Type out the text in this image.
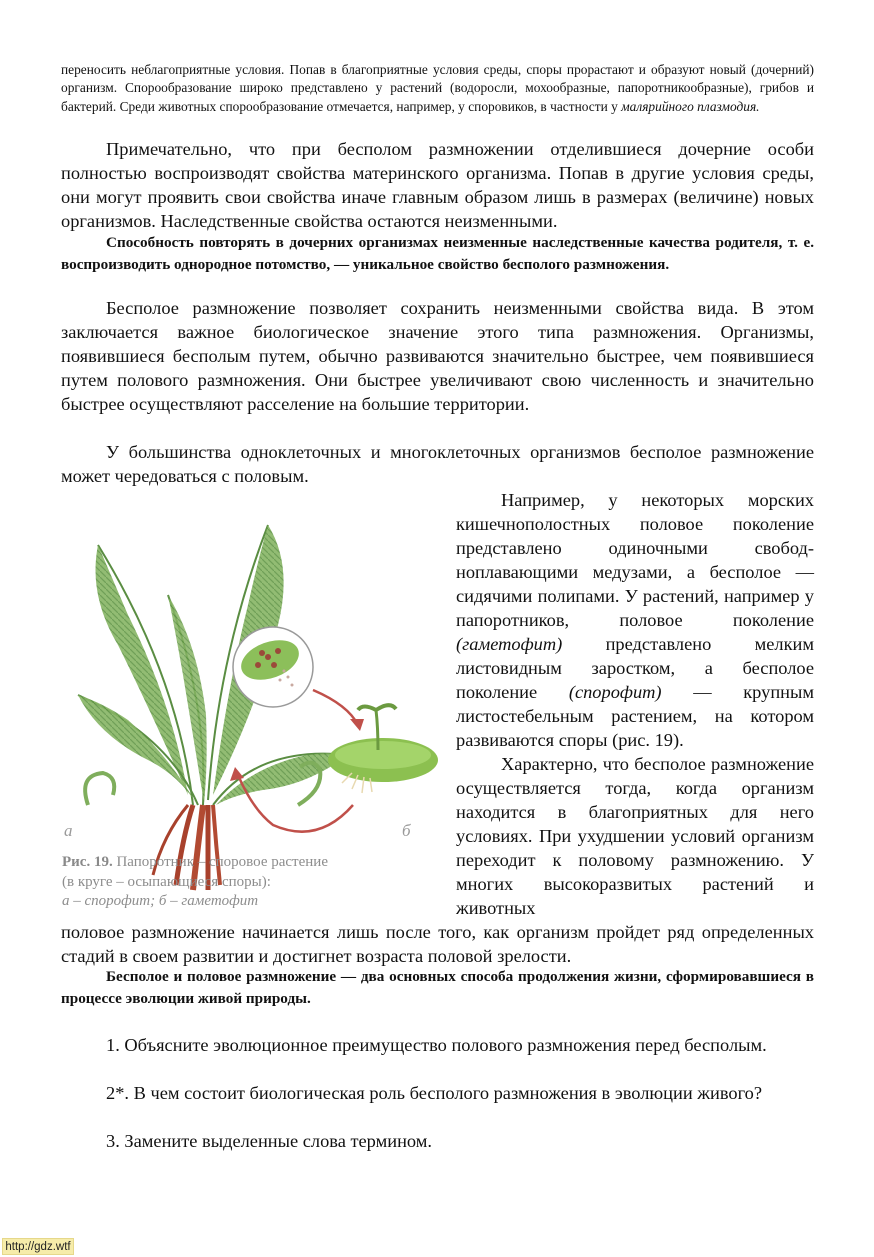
переносить неблагоприятные условия. Попав в благоприятные условия среды, споры прорастают и образуют новый (дочерний) организм. Спорообразование широко представлено у растений (водоросли, мохообразные, папоротникообразные), грибов и бактерий. Среди животных спорообразование отмечается, например, у споровиков, в частности у малярийного плазмодия.

Примечательно, что при бесполом размножении отделившиеся дочерние особи полностью воспроизводят свойства материнского организма. Попав в другие условия среды, они могут проявить свои свойства иначе главным образом лишь в размерах (величине) новых организмов. Наследственные свойства остаются неизменными.

Способность повторять в дочерних организмах неизменные наследственные качества родителя, т. е. воспроизводить однородное потомство, — уникальное свойство бесполого размножения.

Бесполое размножение позволяет сохранить неизменными свойства вида. В этом заключается важное биологическое значение этого типа размножения. Организмы, появившиеся бесполым путем, обычно развиваются значительно быстрее, чем появившиеся путем полового размножения. Они быстрее увеличивают свою численность и значительно быстрее осуществляют расселение на большие территории.

У большинства одноклеточных и многоклеточных организмов бесполое размножение может чередоваться с половым.

Например, у некоторых морских кишечнополостных половое поколение представлено одиночными свободноплавающими медузами, а бесполое — сидячими полипами. У растений, например у папоротников, половое поколение (гаметофит) представлено мелким листовидным заростком, а бесполое поколение (спорофит) — крупным листостебельным растением, на котором развиваются споры (рис. 19).

Характерно, что бесполое размножение осуществляется тогда, когда организм находится в благоприятных для него условиях. При ухудшении условий организм переходит к половому размножению. У многих высокоразвитых растений и животных

половое размножение начинается лишь после того, как организм пройдет ряд определенных стадий в своем развитии и достигнет возраста половой зрелости.

Бесполое и половое размножение — два основных способа продолжения жизни, сформировавшиеся в процессе эволюции живой природы.

1. Объясните эволюционное преимущество полового размножения перед бесполым.

2*. В чем состоит биологическая роль бесполого размножения в эволюции живого?

3. Замените выделенные слова термином.

а	б
Рис. 19. Папоротник – споровое растение
(в круге – осыпающиеся споры):
а – спорофит; б – гаметофит
http://gdz.wtf
